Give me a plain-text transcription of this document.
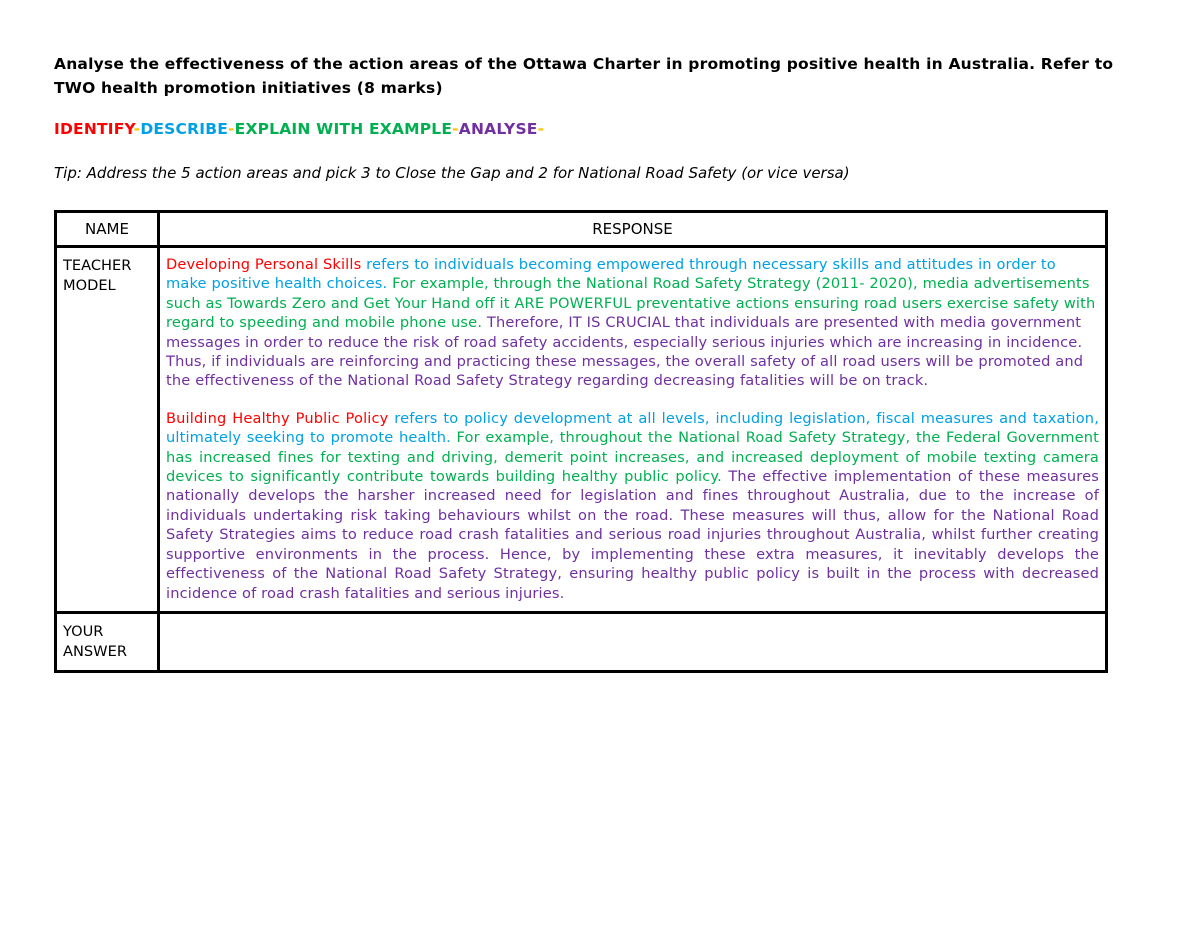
Analyse the effectiveness of the action areas of the Ottawa Charter in promoting positive health in Australia. Refer to TWO health promotion initiatives (8 marks)

IDENTIFY-DESCRIBE-EXPLAIN WITH EXAMPLE-ANALYSE-
Tip: Address the 5 action areas and pick 3 to Close the Gap and 2 for National Road Safety (or vice versa)
NAME	RESPONSE
TEACHER MODEL	Developing Personal Skills refers to individuals becoming empowered through necessary skills and attitudes in order to make positive health choices. For example, through the National Road Safety Strategy (2011- 2020), media advertisements such as Towards Zero and Get Your Hand off it ARE POWERFUL preventative actions ensuring road users exercise safety with regard to speeding and mobile phone use. Therefore, IT IS CRUCIAL that individuals are presented with media government messages in order to reduce the risk of road safety accidents, especially serious injuries which are increasing in incidence. Thus, if individuals are reinforcing and practicing these messages, the overall safety of all road users will be promoted and the effectiveness of the National Road Safety Strategy regarding decreasing fatalities will be on track.

Building Healthy Public Policy refers to policy development at all levels, including legislation, fiscal measures and taxation, ultimately seeking to promote health. For example, throughout the National Road Safety Strategy, the Federal Government has increased fines for texting and driving, demerit point increases, and increased deployment of mobile texting camera devices to significantly contribute towards building healthy public policy. The effective implementation of these measures nationally develops the harsher increased need for legislation and fines throughout Australia, due to the increase of individuals undertaking risk taking behaviours whilst on the road. These measures will thus, allow for the National Road Safety Strategies aims to reduce road crash fatalities and serious road injuries throughout Australia, whilst further creating supportive environments in the process. Hence, by implementing these extra measures, it inevitably develops the effectiveness of the National Road Safety Strategy, ensuring healthy public policy is built in the process with decreased incidence of road crash fatalities and serious injuries.

YOUR ANSWER	
